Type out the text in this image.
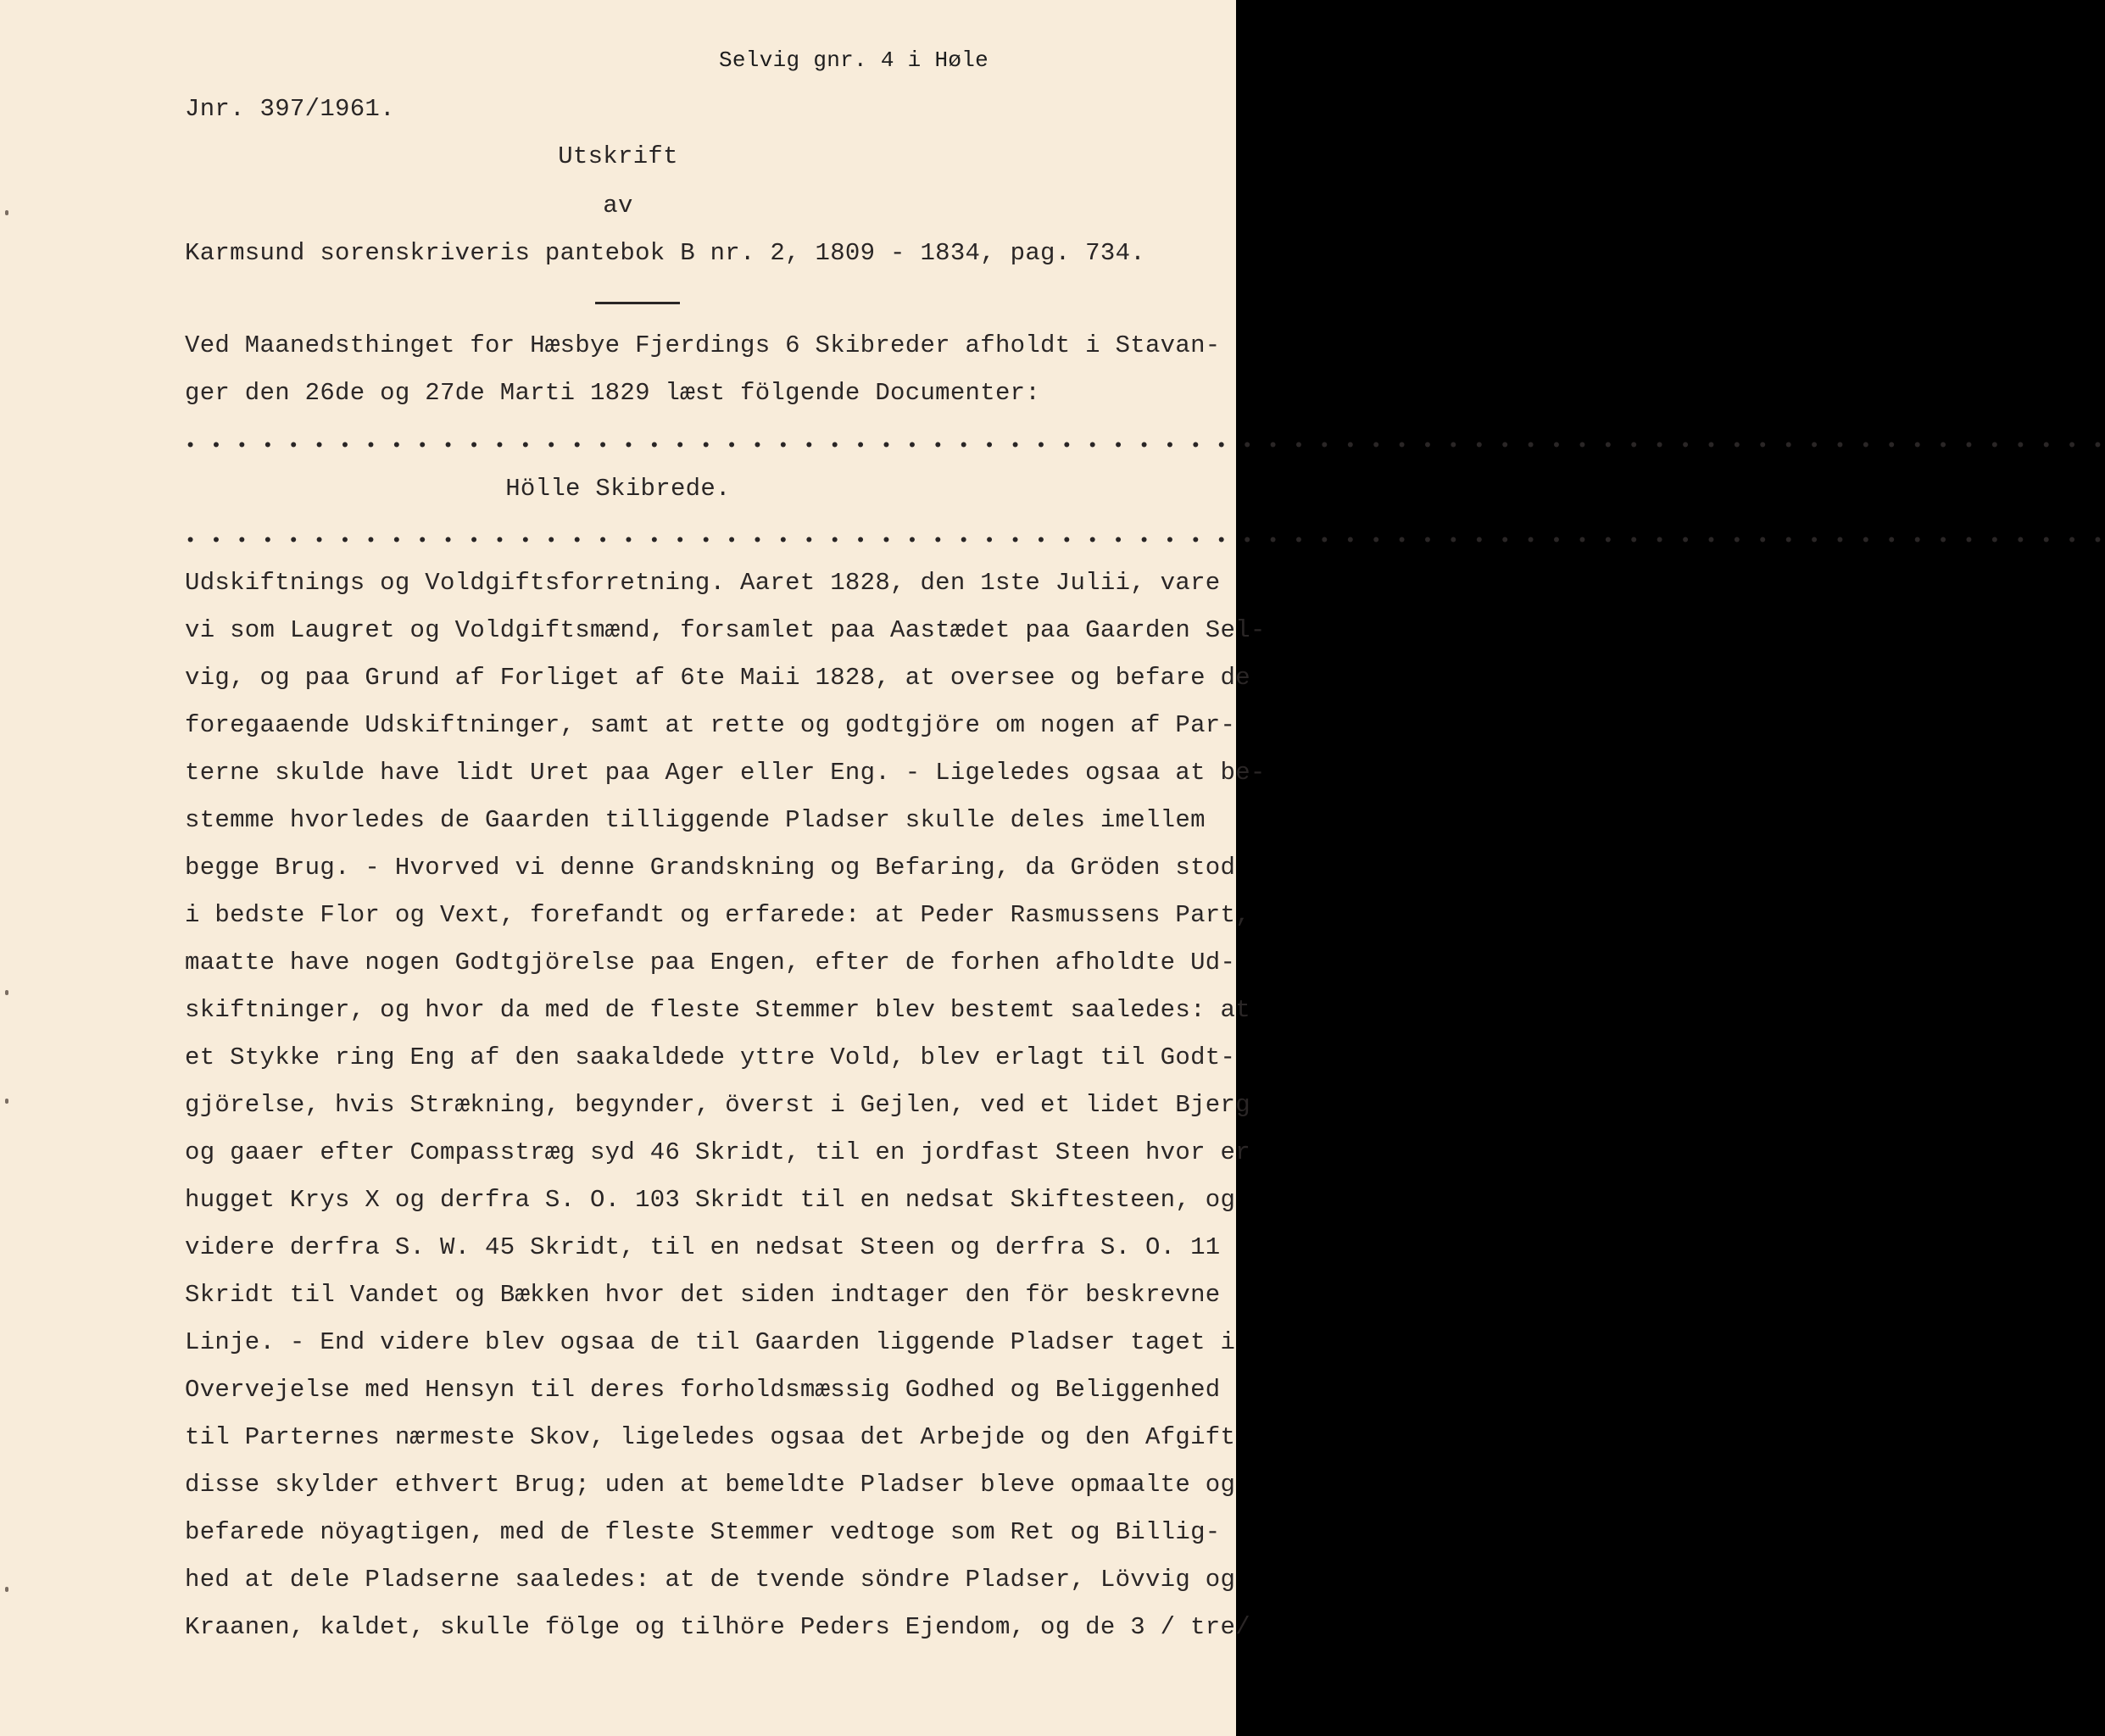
Selvig gnr. 4 i Høle
Jnr. 397/1961.
Utskrift
av
Karmsund sorenskriveris pantebok B nr. 2, 1809 - 1834, pag. 734.
Ved Maanedsthinget for Hæsbye Fjerdings 6 Skibreder afholdt i Stavan-
ger den 26de og 27de Marti 1829 læst fölgende Documenter:
• • • • • • • • • • • • • • • • • • • • • • • • • • • • • • • • • • • • • • • • • • • • • • • • • • • • • • • • • • • • • • • • • • • • • • • • • • •
Hölle Skibrede.
• • • • • • • • • • • • • • • • • • • • • • • • • • • • • • • • • • • • • • • • • • • • • • • • • • • • • • • • • • • • • • • • • • • • • • • • • • •
Udskiftnings og Voldgiftsforretning. Aaret 1828, den 1ste Julii, vare
vi som Laugret og Voldgiftsmænd, forsamlet paa Aastædet paa Gaarden Sel-
vig, og paa Grund af Forliget af 6te Maii 1828, at oversee og befare de
foregaaende Udskiftninger, samt at rette og godtgjöre om nogen af Par-
terne skulde have lidt Uret paa Ager eller Eng. - Ligeledes ogsaa at be-
stemme hvorledes de Gaarden tilliggende Pladser skulle deles imellem
begge Brug. - Hvorved vi denne Grandskning og Befaring, da Gröden stod
i bedste Flor og Vext, forefandt og erfarede: at Peder Rasmussens Part,
maatte have nogen Godtgjörelse paa Engen, efter de forhen afholdte Ud-
skiftninger, og hvor da med de fleste Stemmer blev bestemt saaledes: at
et Stykke ring Eng af den saakaldede yttre Vold, blev erlagt til Godt-
gjörelse, hvis Strækning, begynder, överst i Gejlen, ved et lidet Bjerg
og gaaer efter Compasstræg syd 46 Skridt, til en jordfast Steen hvor er
hugget Krys X og derfra S. O. 103 Skridt til en nedsat Skiftesteen, og
videre derfra S. W. 45 Skridt, til en nedsat Steen og derfra S. O. 11
Skridt til Vandet og Bækken hvor det siden indtager den för beskrevne
Linje. - End videre blev ogsaa de til Gaarden liggende Pladser taget i
Overvejelse med Hensyn til deres forholdsmæssig Godhed og Beliggenhed
til Parternes nærmeste Skov, ligeledes ogsaa det Arbejde og den Afgift
disse skylder ethvert Brug; uden at bemeldte Pladser bleve opmaalte og
befarede nöyagtigen, med de fleste Stemmer vedtoge som Ret og Billig-
hed at dele Pladserne saaledes: at de tvende söndre Pladser, Lövvig og
Kraanen, kaldet, skulle fölge og tilhöre Peders Ejendom, og de 3 / tre/
